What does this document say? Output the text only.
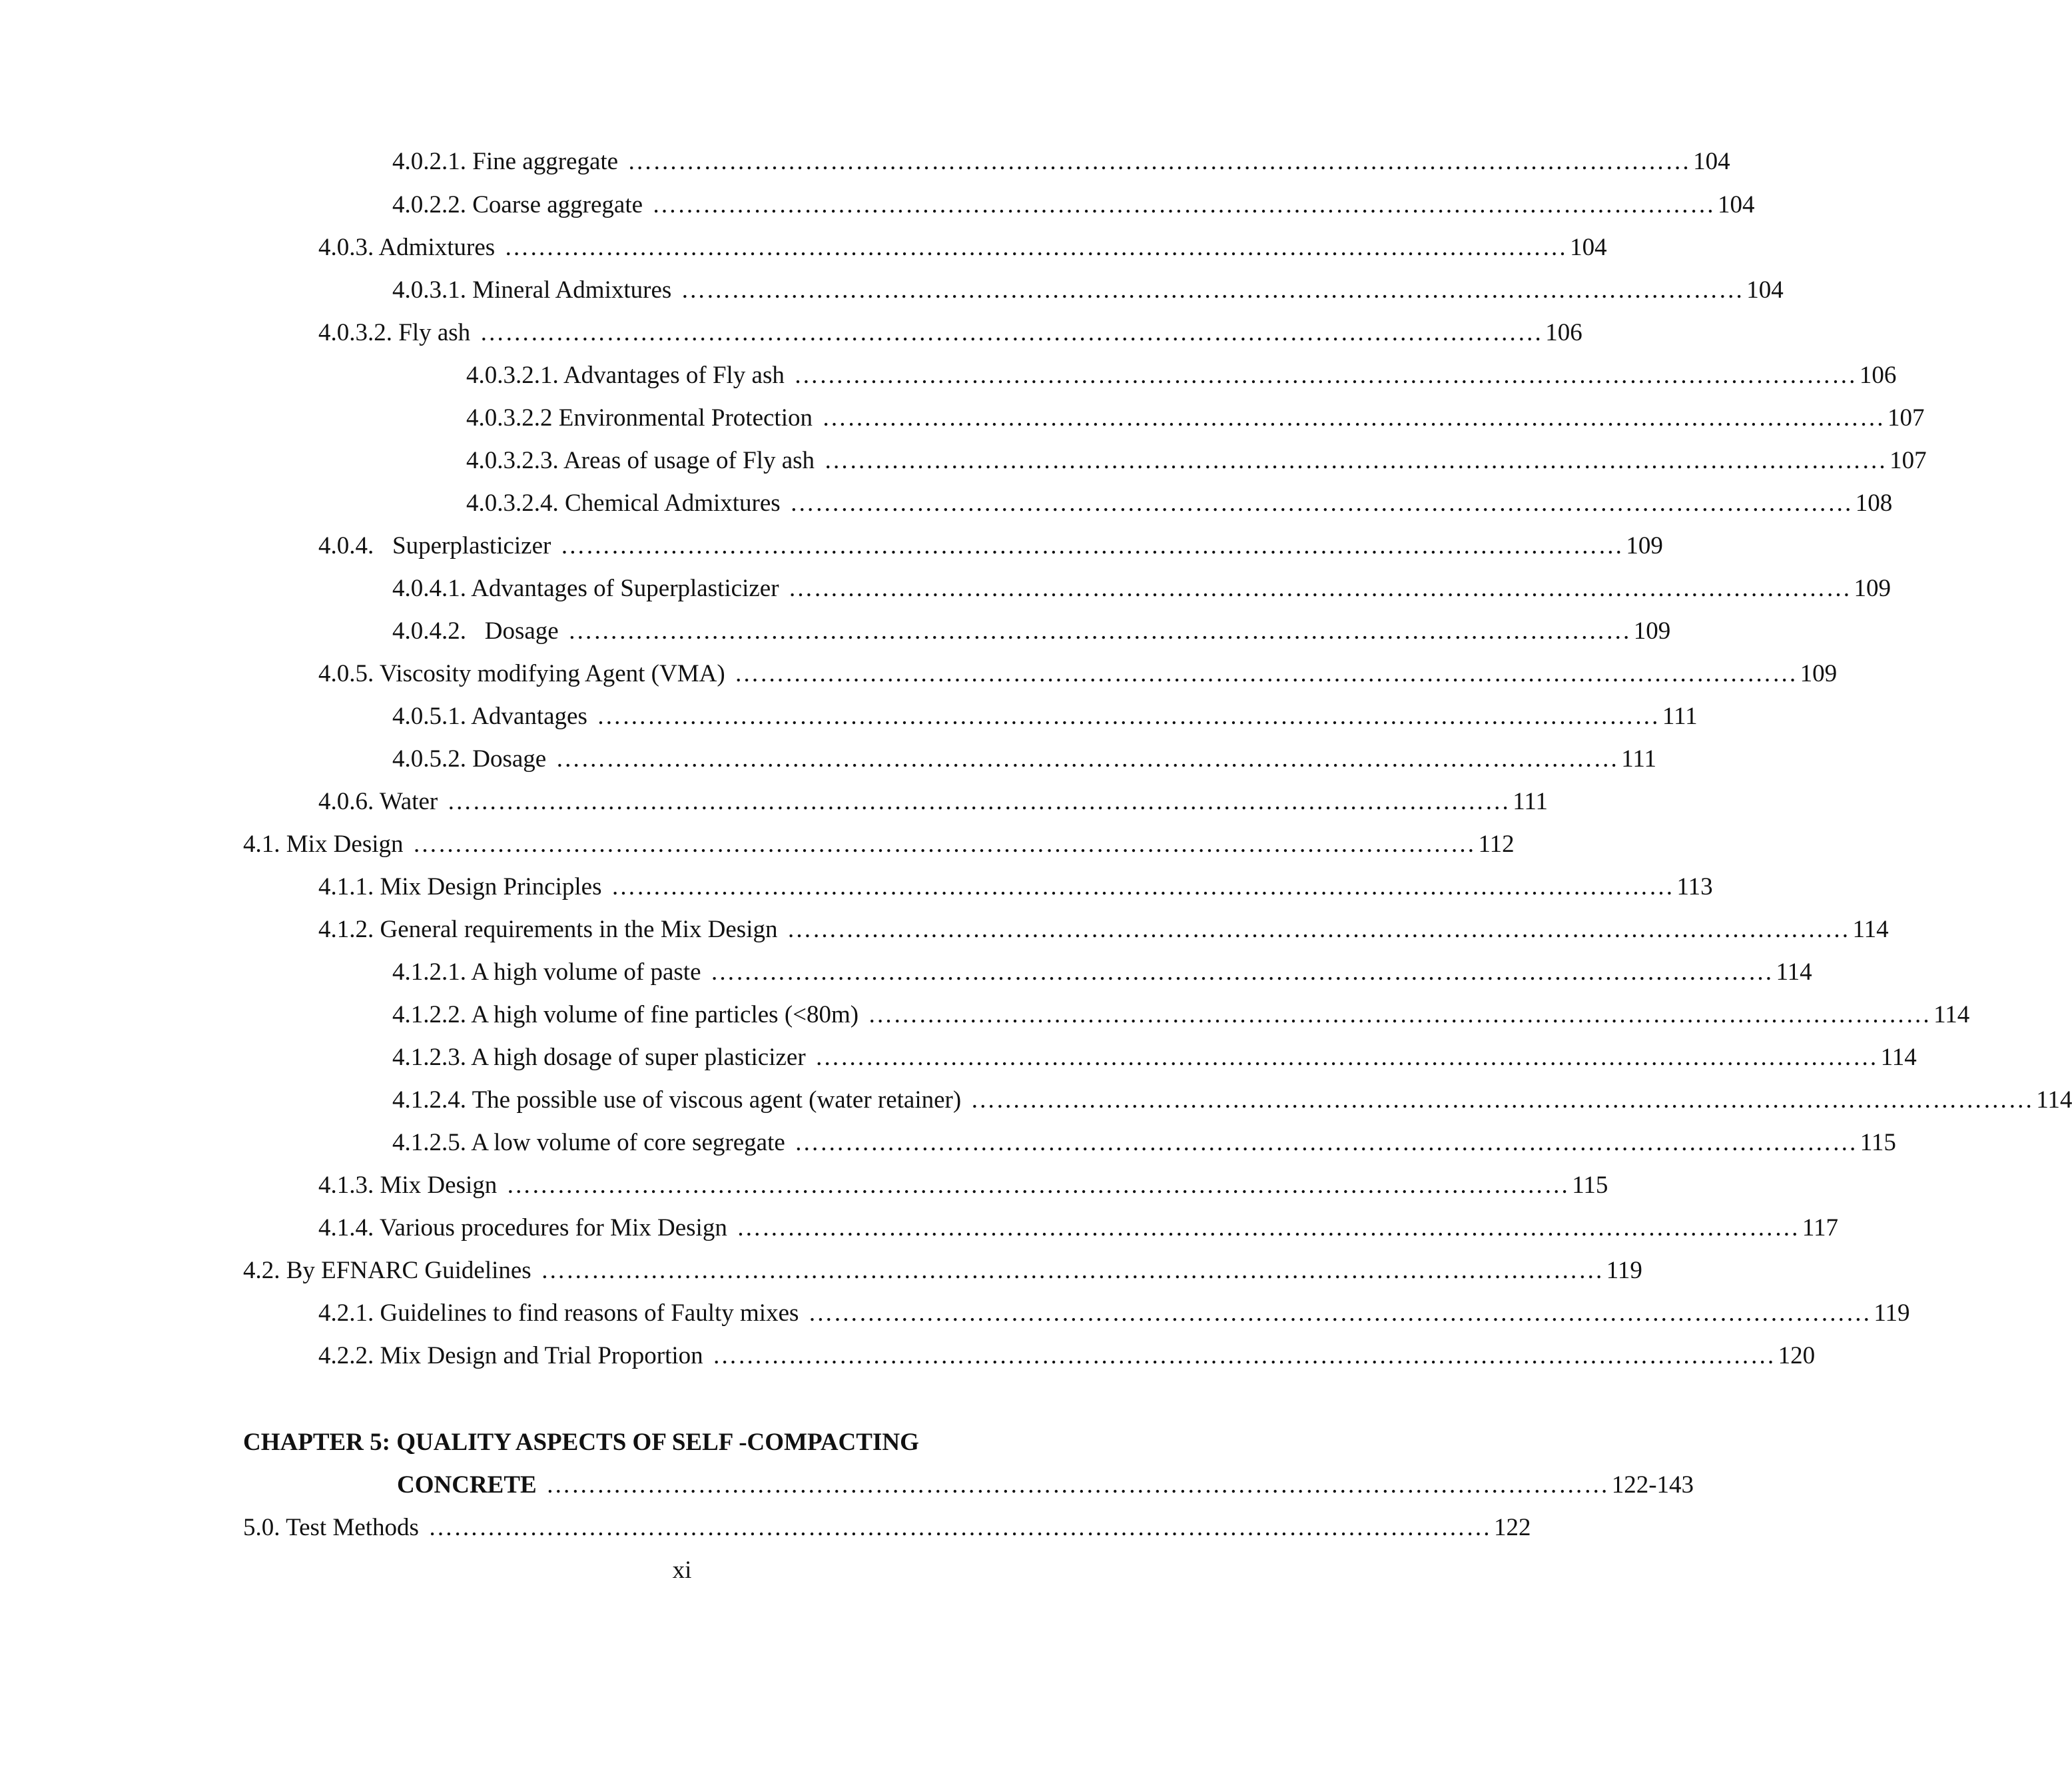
4.0.2.1. Fine aggregate ……………………………………………………………………………………………………………… 104
4.0.2.2. Coarse aggregate ……………………………………………………………………………………………………………… 104
4.0.3. Admixtures ……………………………………………………………………………………………………………… 104
4.0.3.1. Mineral Admixtures ……………………………………………………………………………………………………………… 104
4.0.3.2. Fly ash ……………………………………………………………………………………………………………… 106
4.0.3.2.1. Advantages of Fly ash ……………………………………………………………………………………………………………… 106
4.0.3.2.2 Environmental Protection ……………………………………………………………………………………………………………… 107
4.0.3.2.3. Areas of usage of Fly ash ……………………………………………………………………………………………………………… 107
4.0.3.2.4. Chemical Admixtures ……………………………………………………………………………………………………………… 108
4.0.4.   Superplasticizer ……………………………………………………………………………………………………………… 109
4.0.4.1. Advantages of Superplasticizer ……………………………………………………………………………………………………………… 109
4.0.4.2.   Dosage ……………………………………………………………………………………………………………… 109
4.0.5. Viscosity modifying Agent (VMA) ……………………………………………………………………………………………………………… 109
4.0.5.1. Advantages ……………………………………………………………………………………………………………… 111
4.0.5.2. Dosage ……………………………………………………………………………………………………………… 111
4.0.6. Water ……………………………………………………………………………………………………………… 111
4.1. Mix Design ……………………………………………………………………………………………………………… 112
4.1.1. Mix Design Principles ……………………………………………………………………………………………………………… 113
4.1.2. General requirements in the Mix Design ……………………………………………………………………………………………………………… 114
4.1.2.1. A high volume of paste ……………………………………………………………………………………………………………… 114
4.1.2.2. A high volume of fine particles (<80m) ……………………………………………………………………………………………………………… 114
4.1.2.3. A high dosage of super plasticizer ……………………………………………………………………………………………………………… 114
4.1.2.4. The possible use of viscous agent (water retainer) ……………………………………………………………………………………………………………… 114
4.1.2.5. A low volume of core segregate ……………………………………………………………………………………………………………… 115
4.1.3. Mix Design ……………………………………………………………………………………………………………… 115
4.1.4. Various procedures for Mix Design ……………………………………………………………………………………………………………… 117
4.2. By EFNARC Guidelines ……………………………………………………………………………………………………………… 119
4.2.1. Guidelines to find reasons of Faulty mixes ……………………………………………………………………………………………………………… 119
4.2.2. Mix Design and Trial Proportion ……………………………………………………………………………………………………………… 120
CHAPTER 5: QUALITY ASPECTS OF SELF -COMPACTING
CONCRETE ……………………………………………………………………………………………………………… 122-143
5.0. Test Methods ……………………………………………………………………………………………………………… 122
xi
